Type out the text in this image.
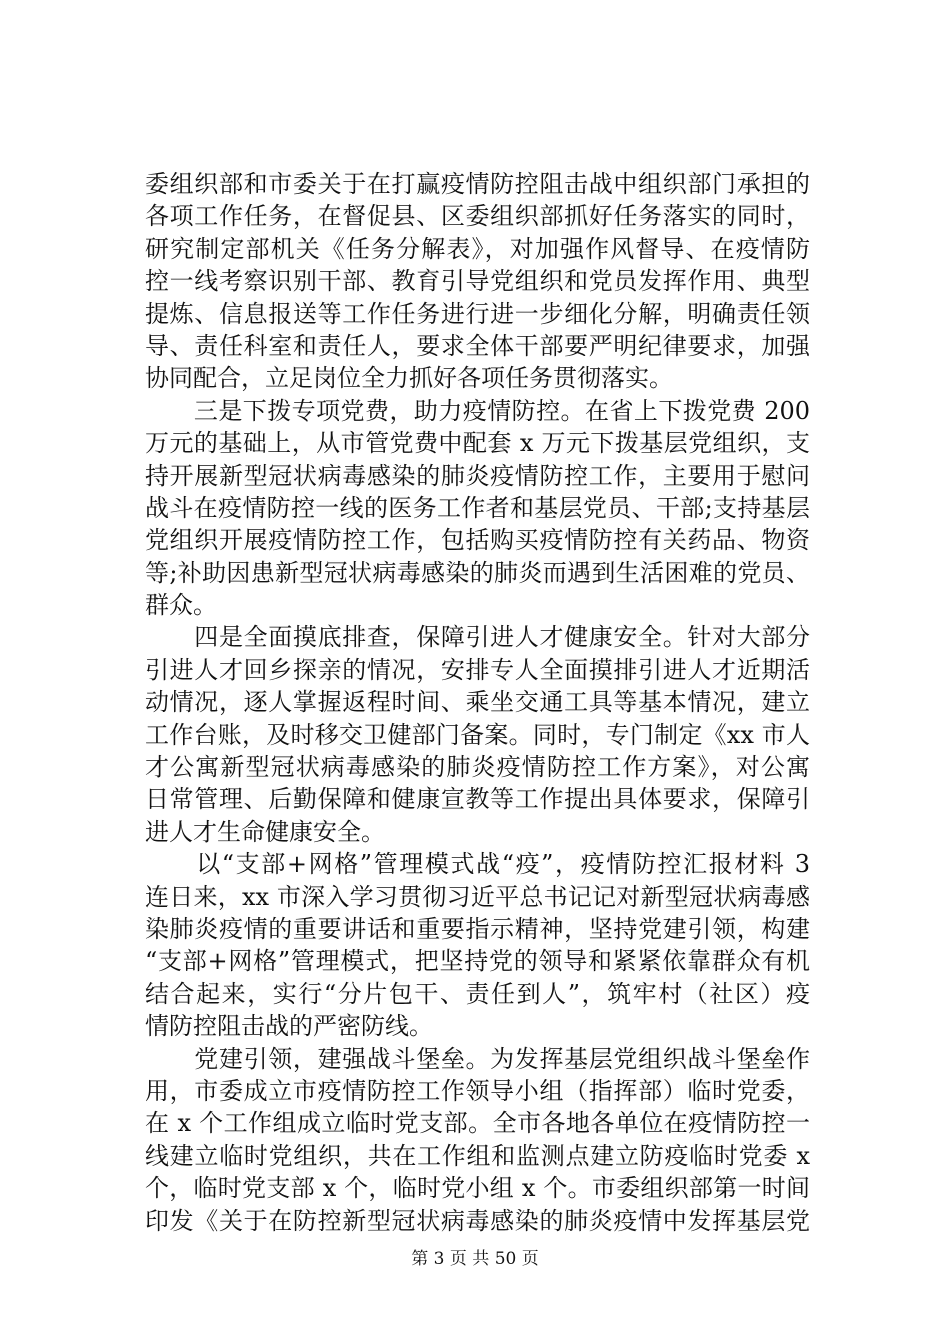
委组织部和市委关于在打赢疫情防控阻击战中组织部门承担的
各项工作任务，在督促县、区委组织部抓好任务落实的同时，
研究制定部机关《任务分解表》，对加强作风督导、在疫情防
控一线考察识别干部、教育引导党组织和党员发挥作用、典型
提炼、信息报送等工作任务进行进一步细化分解，明确责任领
导、责任科室和责任人，要求全体干部要严明纪律要求，加强
协同配合，立足岗位全力抓好各项任务贯彻落实。
　　三是下拨专项党费，助力疫情防控。在省上下拨党费 200
万元的基础上，从市管党费中配套 x 万元下拨基层党组织，支
持开展新型冠状病毒感染的肺炎疫情防控工作，主要用于慰问
战斗在疫情防控一线的医务工作者和基层党员、干部;支持基层
党组织开展疫情防控工作，包括购买疫情防控有关药品、物资
等;补助因患新型冠状病毒感染的肺炎而遇到生活困难的党员、
群众。
　　四是全面摸底排查，保障引进人才健康安全。针对大部分
引进人才回乡探亲的情况，安排专人全面摸排引进人才近期活
动情况，逐人掌握返程时间、乘坐交通工具等基本情况，建立
工作台账，及时移交卫健部门备案。同时，专门制定《xx 市人
才公寓新型冠状病毒感染的肺炎疫情防控工作方案》，对公寓
日常管理、后勤保障和健康宣教等工作提出具体要求，保障引
进人才生命健康安全。
　　以“支部+网格”管理模式战“疫”，疫情防控汇报材料 3
连日来，xx 市深入学习贯彻习近平总书记记对新型冠状病毒感
染肺炎疫情的重要讲话和重要指示精神，坚持党建引领，构建
“支部+网格”管理模式，把坚持党的领导和紧紧依靠群众有机
结合起来，实行“分片包干、责任到人”，筑牢村（社区）疫
情防控阻击战的严密防线。
　　党建引领，建强战斗堡垒。为发挥基层党组织战斗堡垒作
用，市委成立市疫情防控工作领导小组（指挥部）临时党委，
在 x 个工作组成立临时党支部。全市各地各单位在疫情防控一
线建立临时党组织，共在工作组和监测点建立防疫临时党委 x
个，临时党支部 x 个，临时党小组 x 个。市委组织部第一时间
印发《关于在防控新型冠状病毒感染的肺炎疫情中发挥基层党
第 3 页 共 50 页
